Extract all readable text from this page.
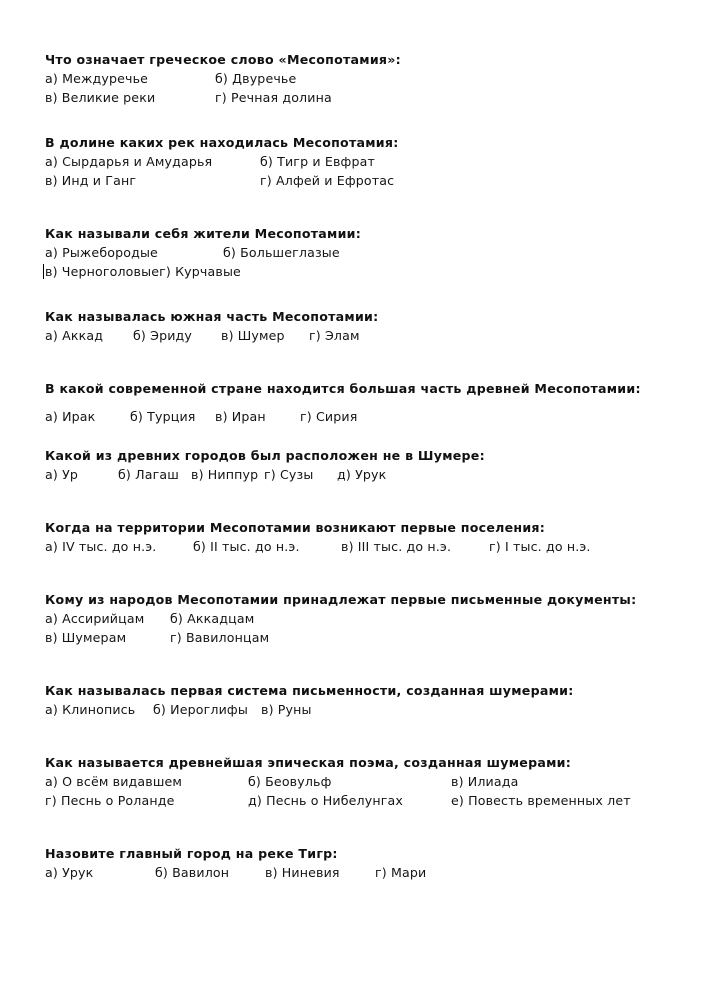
Что означает греческое слово «Месопотамия»:
а) Междуречье	б) Двуречье
в) Великие реки	г) Речная долина
В долине каких рек находилась Месопотамия:
а) Сырдарья и Амударья	б) Тигр и Евфрат
в) Инд и Ганг	г) Алфей и Ефротас
Как называли себя жители Месопотамии:
а) Рыжебородые	б) Большеглазые
в) Черноголовыег) Курчавые
Как называлась южная часть Месопотамии:
а) Аккад б) Эриду в) Шумер г) Элам
В какой современной стране находится большая часть древней Месопотамии:
а) Ирак	б) Турция в) Иран	г) Сирия
Какой из древних городов был расположен не в Шумере:
а) Ур	б) Лагаш в) Ниппур г) Сузы д) Урук
Когда на территории Месопотамии возникают первые поселения:
а) IV тыс. до н.э.	б) II тыс. до н.э.	в) III тыс. до н.э.	г) I тыс. до н.э.
Кому из народов Месопотамии принадлежат первые письменные документы:
а) Ассирийцам б) Аккадцам
в) Шумерам	г) Вавилонцам
Как называлась первая система письменности, созданная шумерами:
а) Клинопись б) Иероглифы в) Руны
Как называется древнейшая эпическая поэма, созданная шумерами:
а) О всём видавшем	б) Беовульф	в) Илиада
г) Песнь о Роланде	д) Песнь о Нибелунгах	е) Повесть временных лет
Назовите главный город на реке Тигр:
а) Урук	б) Вавилон	в) Ниневия	г) Мари
